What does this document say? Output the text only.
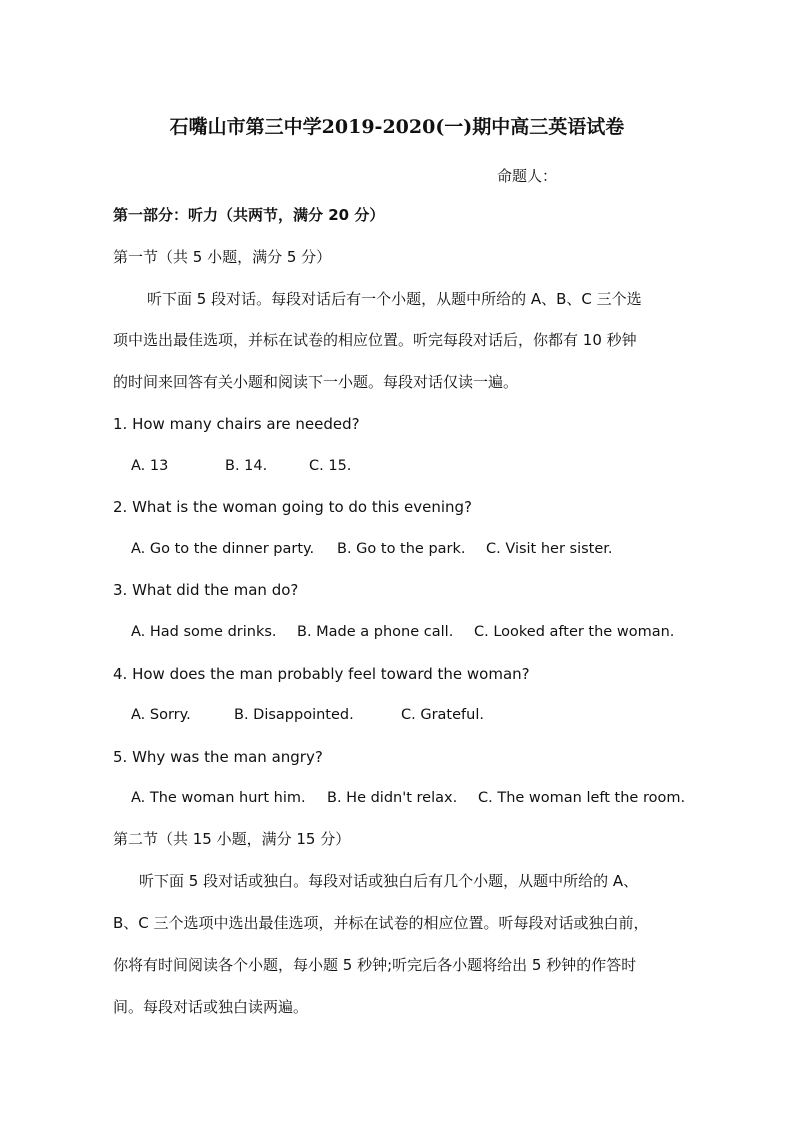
石嘴山市第三中学2019-2020(一)期中高三英语试卷
命题人：
第一部分：听力（共两节，满分 20 分）
第一节（共 5 小题，满分 5 分）
听下面 5 段对话。每段对话后有一个小题，从题中所给的 A、B、C 三个选
项中选出最佳选项，并标在试卷的相应位置。听完每段对话后，你都有 10 秒钟
的时间来回答有关小题和阅读下一小题。每段对话仅读一遍。
1. How many chairs are needed?
A. 13	B. 14.	C. 15.
2. What is the woman going to do this evening?
A. Go to the dinner party. B. Go to the park. C. Visit her sister.
3. What did the man do?
A. Had some drinks. B. Made a phone call. C. Looked after the woman.
4. How does the man probably feel toward the woman?
A. Sorry.	B. Disappointed.	C. Grateful.
5. Why was the man angry?
A. The woman hurt him. B. He didn't relax. C. The woman left the room.
第二节（共 15 小题，满分 15 分）
听下面 5 段对话或独白。每段对话或独白后有几个小题，从题中所给的 A、
B、C 三个选项中选出最佳选项，并标在试卷的相应位置。听每段对话或独白前，
你将有时间阅读各个小题，每小题 5 秒钟;听完后各小题将给出 5 秒钟的作答时
间。每段对话或独白读两遍。
